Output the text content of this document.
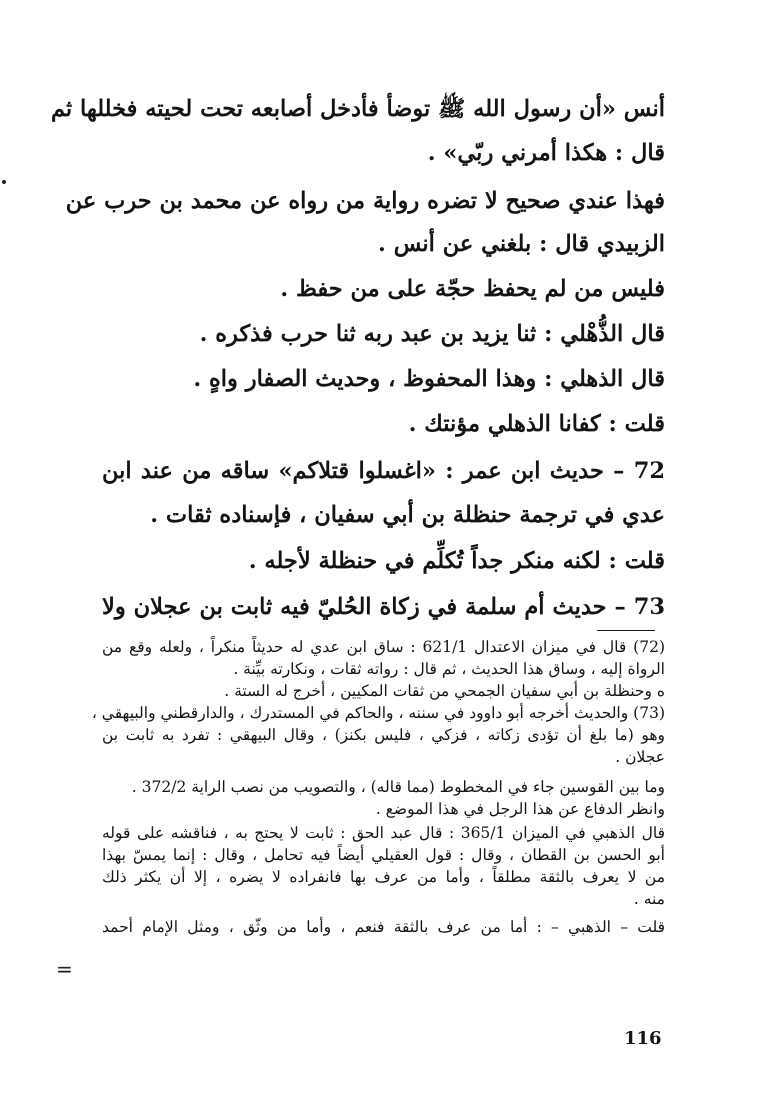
أنس «أن رسول الله ﷺ توضأ فأدخل أصابعه تحت لحيته فخللها ثم
قال : هكذا أمرني ربّي» .
فهذا عندي صحيح لا تضره رواية من رواه عن محمد بن حرب عن
الزبيدي قال : بلغني عن أنس .
فليس من لم يحفظ حجّة على من حفظ .
قال الذُّهْلي : ثنا يزيد بن عبد ربه ثنا حرب فذكره .
قال الذهلي : وهذا المحفوظ ، وحديث الصفار واهٍ .
قلت : كفانا الذهلي مؤنتك .
72 – حديث ابن عمر : «اغسلوا قتلاكم» ساقه من عند ابن
عدي في ترجمة حنظلة بن أبي سفيان ، فإسناده ثقات .
قلت : لكنه منكر جداً تُكلِّم في حنظلة لأجله .
73 – حديث أم سلمة في زكاة الحُليّ فيه ثابت بن عجلان ولا
(72) قال في ميزان الاعتدال 621/1 : ساق ابن عدي له حديثاً منكراً ، ولعله وقع من
الرواة إليه ، وساق هذا الحديث ، ثم قال : رواته ثقات ، ونكارته بيِّنة .
ه وحنظلة بن أبي سفيان الجمحي من ثقات المكيين ، أخرج له الستة .
(73) والحديث أخرجه أبو داوود في سننه ، والحاكم في المستدرك ، والدارقطني والبيهقي ،
وهو (ما بلغ أن تؤدى زكاته ، فزكي ، فليس بكنز) ، وقال البيهقي : تفرد به ثابت بن
عجلان .
وما بين القوسين جاء في المخطوط (مما قاله) ، والتصويب من نصب الراية 372/2 .
وانظر الدفاع عن هذا الرجل في هذا الموضع .
قال الذهبي في الميزان 365/1 : قال عبد الحق : ثابت لا يحتج به ، فناقشه على قوله
أبو الحسن بن القطان ، وقال : قول العقيلي أيضاً فيه تحامل ، وقال : إنما يمسّ بهذا
من لا يعرف بالثقة مطلقاً ، وأما من عرف بها فانفراده لا يضره ، إلا أن يكثر ذلك
منه .
قلت – الذهبي – : أما من عرف بالثقة فنعم ، وأما من وثّق ، ومثل الإمام أحمد
=
116
